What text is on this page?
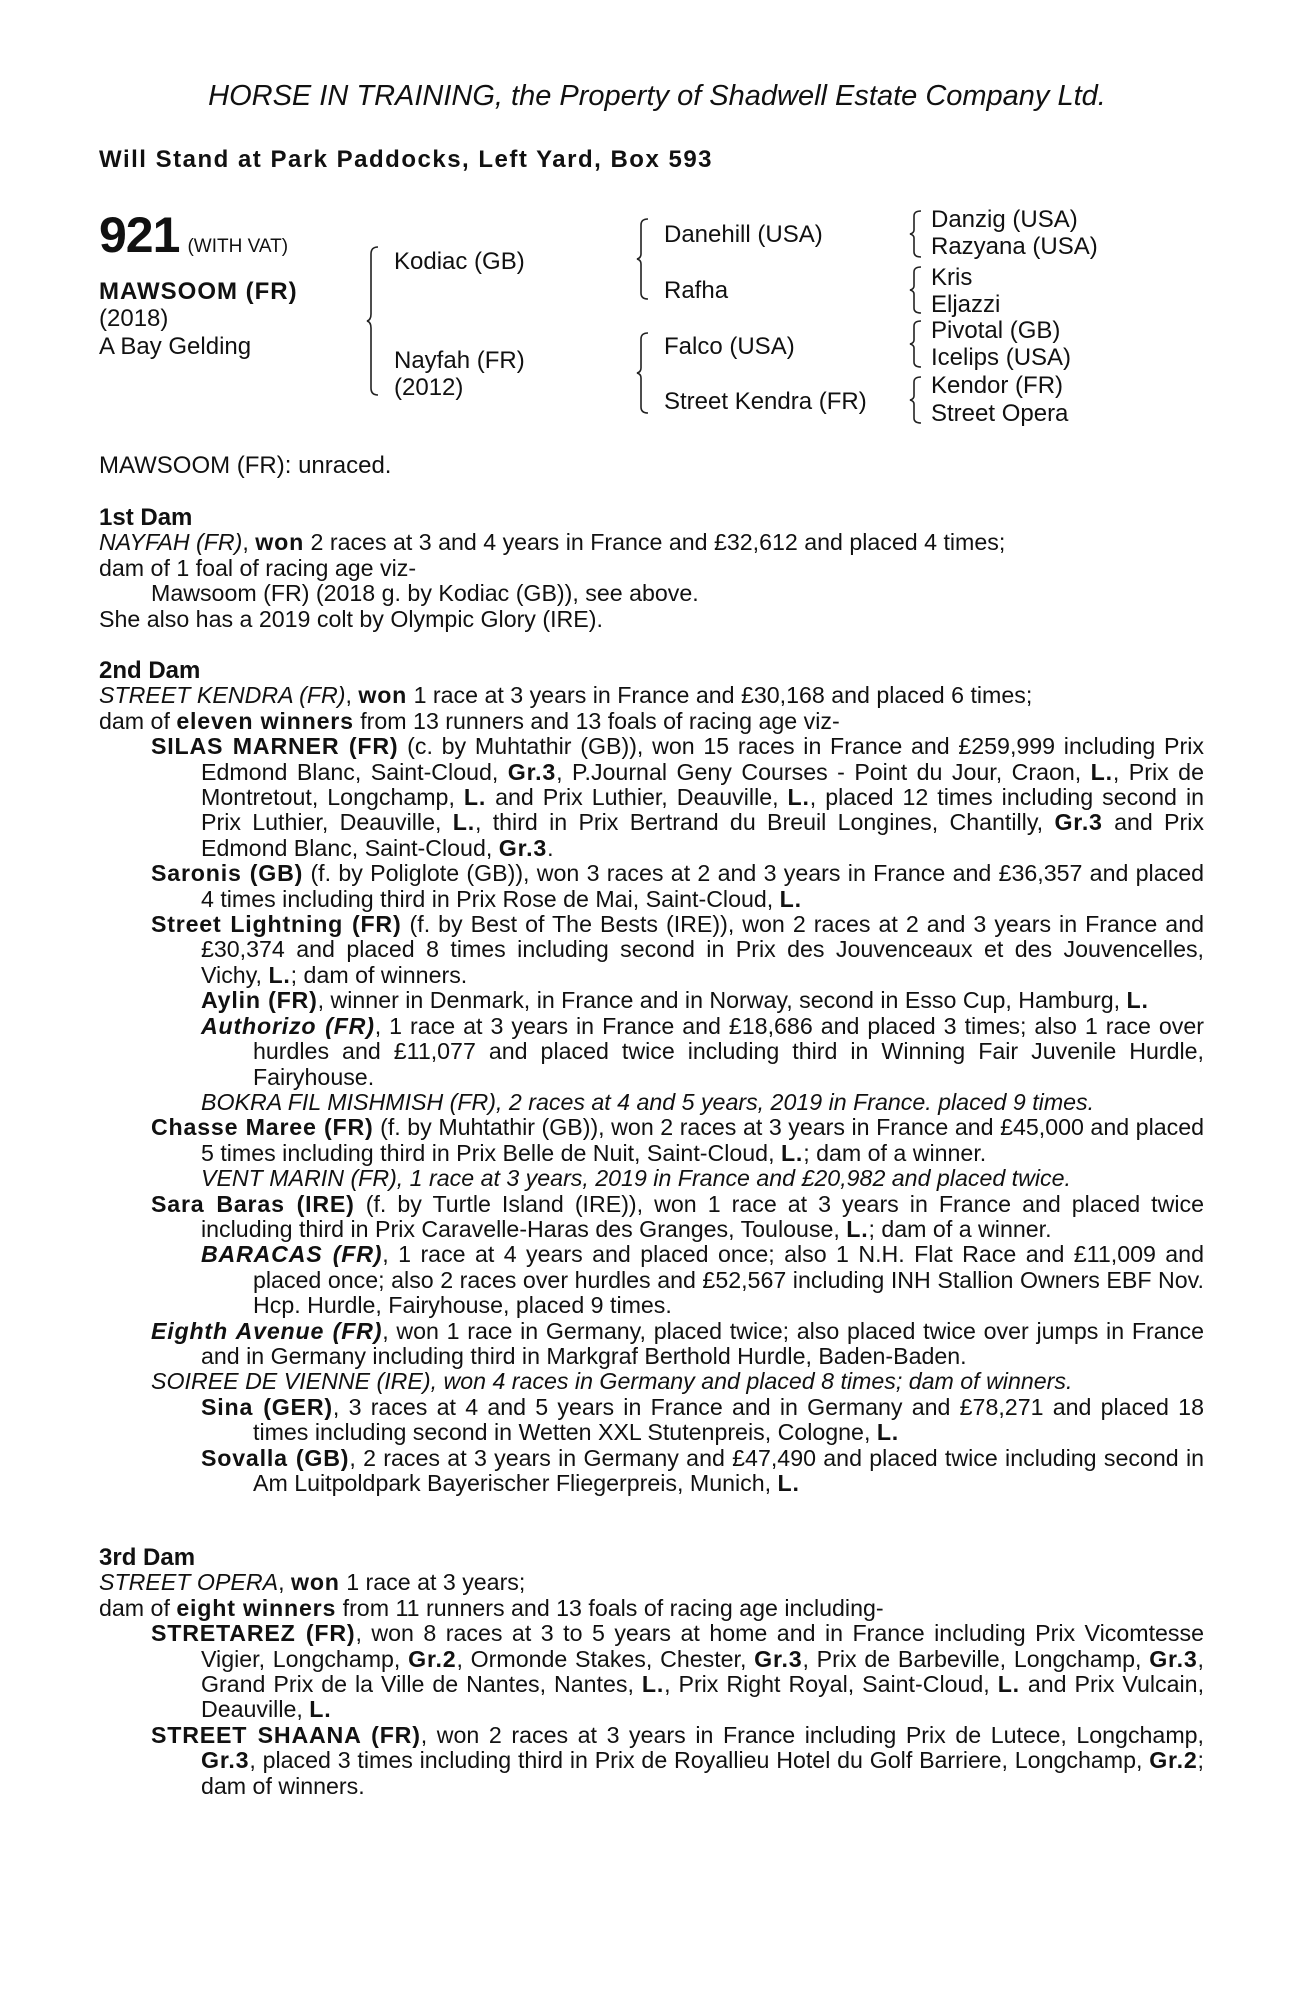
HORSE IN TRAINING, the Property of Shadwell Estate Company Ltd.
Will Stand at Park Paddocks, Left Yard, Box 593
921 (WITH VAT)
MAWSOOM (FR)
(2018)
A Bay Gelding
Kodiac (GB)
Nayfah (FR)
(2012)
Danehill (USA)
Rafha
Falco (USA)
Street Kendra (FR)
Danzig (USA)
Razyana (USA)
Kris
Eljazzi
Pivotal (GB)
Icelips (USA)
Kendor (FR)
Street Opera
MAWSOOM (FR): unraced.

1st Dam

NAYFAH (FR), won 2 races at 3 and 4 years in France and £32,612 and placed 4 times;

dam of 1 foal of racing age viz-

Mawsoom (FR) (2018 g. by Kodiac (GB)), see above.

She also has a 2019 colt by Olympic Glory (IRE).

2nd Dam

STREET KENDRA (FR), won 1 race at 3 years in France and £30,168 and placed 6 times;

dam of eleven winners from 13 runners and 13 foals of racing age viz-

SILAS MARNER (FR) (c. by Muhtathir (GB)), won 15 races in France and £259,999 including Prix Edmond Blanc, Saint-Cloud, Gr.3, P.Journal Geny Courses - Point du Jour, Craon, L., Prix de Montretout, Longchamp, L. and Prix Luthier, Deauville, L., placed 12 times including second in Prix Luthier, Deauville, L., third in Prix Bertrand du Breuil Longines, Chantilly, Gr.3 and Prix Edmond Blanc, Saint-Cloud, Gr.3.

Saronis (GB) (f. by Poliglote (GB)), won 3 races at 2 and 3 years in France and £36,357 and placed 4 times including third in Prix Rose de Mai, Saint-Cloud, L.

Street Lightning (FR) (f. by Best of The Bests (IRE)), won 2 races at 2 and 3 years in France and £30,374 and placed 8 times including second in Prix des Jouvenceaux et des Jouvencelles, Vichy, L.; dam of winners.

Aylin (FR), winner in Denmark, in France and in Norway, second in Esso Cup, Hamburg, L.

Authorizo (FR), 1 race at 3 years in France and £18,686 and placed 3 times; also 1 race over hurdles and £11,077 and placed twice including third in Winning Fair Juvenile Hurdle, Fairyhouse.

BOKRA FIL MISHMISH (FR), 2 races at 4 and 5 years, 2019 in France. placed 9 times.

Chasse Maree (FR) (f. by Muhtathir (GB)), won 2 races at 3 years in France and £45,000 and placed 5 times including third in Prix Belle de Nuit, Saint-Cloud, L.; dam of a winner.

VENT MARIN (FR), 1 race at 3 years, 2019 in France and £20,982 and placed twice.

Sara Baras (IRE) (f. by Turtle Island (IRE)), won 1 race at 3 years in France and placed twice including third in Prix Caravelle-Haras des Granges, Toulouse, L.; dam of a winner.

BARACAS (FR), 1 race at 4 years and placed once; also 1 N.H. Flat Race and £11,009 and placed once; also 2 races over hurdles and £52,567 including INH Stallion Owners EBF Nov. Hcp. Hurdle, Fairyhouse, placed 9 times.

Eighth Avenue (FR), won 1 race in Germany, placed twice; also placed twice over jumps in France and in Germany including third in Markgraf Berthold Hurdle, Baden-Baden.

SOIREE DE VIENNE (IRE), won 4 races in Germany and placed 8 times; dam of winners.

Sina (GER), 3 races at 4 and 5 years in France and in Germany and £78,271 and placed 18 times including second in Wetten XXL Stutenpreis, Cologne, L.

Sovalla (GB), 2 races at 3 years in Germany and £47,490 and placed twice including second in Am Luitpoldpark Bayerischer Fliegerpreis, Munich, L.

3rd Dam

STREET OPERA, won 1 race at 3 years;

dam of eight winners from 11 runners and 13 foals of racing age including-

STRETAREZ (FR), won 8 races at 3 to 5 years at home and in France including Prix Vicomtesse Vigier, Longchamp, Gr.2, Ormonde Stakes, Chester, Gr.3, Prix de Barbeville, Longchamp, Gr.3, Grand Prix de la Ville de Nantes, Nantes, L., Prix Right Royal, Saint-Cloud, L. and Prix Vulcain, Deauville, L.

STREET SHAANA (FR), won 2 races at 3 years in France including Prix de Lutece, Longchamp, Gr.3, placed 3 times including third in Prix de Royallieu Hotel du Golf Barriere, Longchamp, Gr.2; dam of winners.
